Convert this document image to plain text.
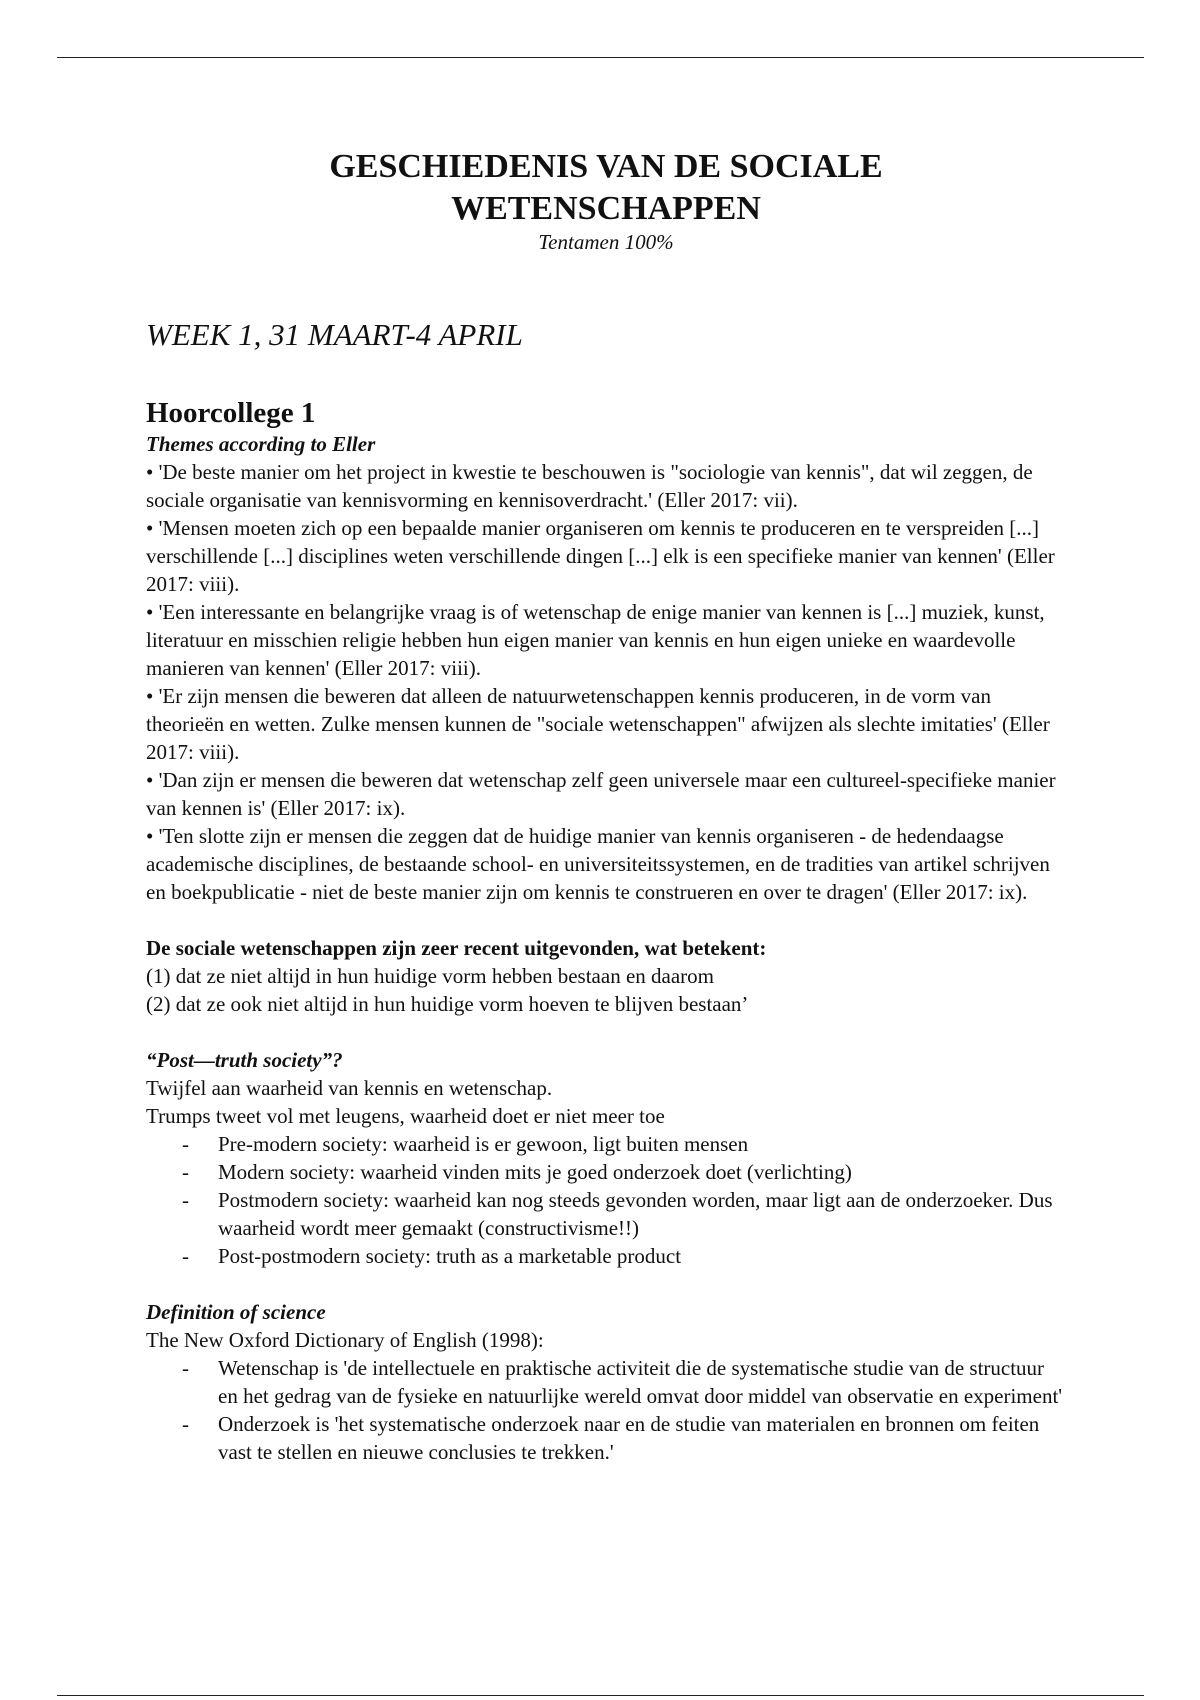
GESCHIEDENIS VAN DE SOCIALE
WETENSCHAPPEN

Tentamen 100%

WEEK 1, 31 MAART-4 APRIL
Hoorcollege 1

Themes according to Eller

• 'De beste manier om het project in kwestie te beschouwen is "sociologie van kennis", dat wil zeggen, de sociale organisatie van kennisvorming en kennisoverdracht.' (Eller 2017: vii).

• 'Mensen moeten zich op een bepaalde manier organiseren om kennis te produceren en te verspreiden [...] verschillende [...] disciplines weten verschillende dingen [...] elk is een specifieke manier van kennen' (Eller 2017: viii).

• 'Een interessante en belangrijke vraag is of wetenschap de enige manier van kennen is [...] muziek, kunst, literatuur en misschien religie hebben hun eigen manier van kennis en hun eigen unieke en waardevolle manieren van kennen' (Eller 2017: viii).

• 'Er zijn mensen die beweren dat alleen de natuurwetenschappen kennis produceren, in de vorm van theorieën en wetten. Zulke mensen kunnen de "sociale wetenschappen" afwijzen als slechte imitaties' (Eller 2017: viii).

• 'Dan zijn er mensen die beweren dat wetenschap zelf geen universele maar een cultureel-specifieke manier van kennen is' (Eller 2017: ix).

• 'Ten slotte zijn er mensen die zeggen dat de huidige manier van kennis organiseren - de hedendaagse academische disciplines, de bestaande school- en universiteitssystemen, en de tradities van artikel schrijven en boekpublicatie - niet de beste manier zijn om kennis te construeren en over te dragen' (Eller 2017: ix).

De sociale wetenschappen zijn zeer recent uitgevonden, wat betekent:

(1) dat ze niet altijd in hun huidige vorm hebben bestaan en daarom

(2) dat ze ook niet altijd in hun huidige vorm hoeven te blijven bestaan’

“Post—truth society”?

Twijfel aan waarheid van kennis en wetenschap.

Trumps tweet vol met leugens, waarheid doet er niet meer toe

- Pre-modern society: waarheid is er gewoon, ligt buiten mensen
- Modern society: waarheid vinden mits je goed onderzoek doet (verlichting)
- Postmodern society: waarheid kan nog steeds gevonden worden, maar ligt aan de onderzoeker. Dus waarheid wordt meer gemaakt (constructivisme!!)
- Post-postmodern society: truth as a marketable product

Definition of science

The New Oxford Dictionary of English (1998):

- Wetenschap is 'de intellectuele en praktische activiteit die de systematische studie van de structuur en het gedrag van de fysieke en natuurlijke wereld omvat door middel van observatie en experiment'
- Onderzoek is 'het systematische onderzoek naar en de studie van materialen en bronnen om feiten vast te stellen en nieuwe conclusies te trekken.'
